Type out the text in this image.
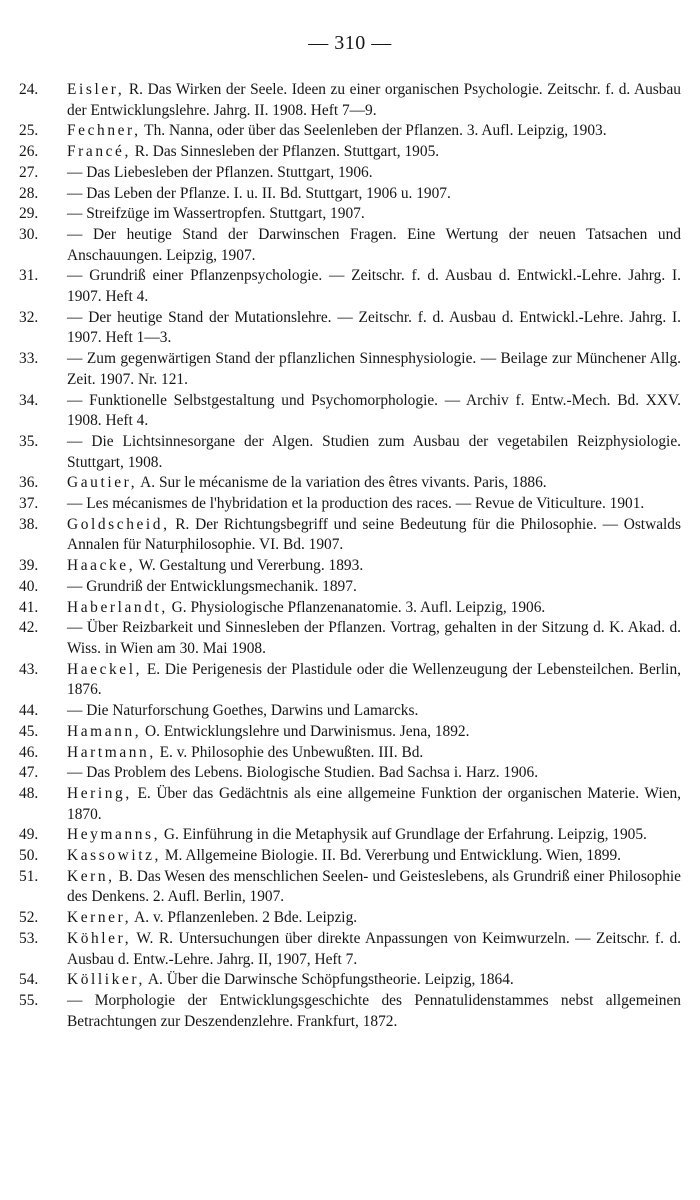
— 310 —
24.	Eisler, R. Das Wirken der Seele. Ideen zu einer organischen Psychologie. Zeitschr. f. d. Ausbau der Entwicklungslehre. Jahrg. II. 1908. Heft 7—9.
25.	Fechner, Th. Nanna, oder über das Seelenleben der Pflanzen. 3. Aufl. Leipzig, 1903.
26.	Francé, R. Das Sinnesleben der Pflanzen. Stuttgart, 1905.
27.	— Das Liebesleben der Pflanzen. Stuttgart, 1906.
28.	— Das Leben der Pflanze. I. u. II. Bd. Stuttgart, 1906 u. 1907.
29.	— Streifzüge im Wassertropfen. Stuttgart, 1907.
30.	— Der heutige Stand der Darwinschen Fragen. Eine Wertung der neuen Tatsachen und Anschauungen. Leipzig, 1907.
31.	— Grundriß einer Pflanzenpsychologie. — Zeitschr. f. d. Ausbau d. Entwickl.-Lehre. Jahrg. I. 1907. Heft 4.
32.	— Der heutige Stand der Mutationslehre. — Zeitschr. f. d. Ausbau d. Entwickl.-Lehre. Jahrg. I. 1907. Heft 1—3.
33.	— Zum gegenwärtigen Stand der pflanzlichen Sinnesphysiologie. — Beilage zur Münchener Allg. Zeit. 1907. Nr. 121.
34.	— Funktionelle Selbstgestaltung und Psychomorphologie. — Archiv f. Entw.-Mech. Bd. XXV. 1908. Heft 4.
35.	— Die Lichtsinnesorgane der Algen. Studien zum Ausbau der vegetabilen Reizphysiologie. Stuttgart, 1908.
36.	Gautier, A. Sur le mécanisme de la variation des êtres vivants. Paris, 1886.
37.	— Les mécanismes de l'hybridation et la production des races. — Revue de Viticulture. 1901.
38.	Goldscheid, R. Der Richtungsbegriff und seine Bedeutung für die Philosophie. — Ostwalds Annalen für Naturphilosophie. VI. Bd. 1907.
39.	Haacke, W. Gestaltung und Vererbung. 1893.
40.	— Grundriß der Entwicklungsmechanik. 1897.
41.	Haberlandt, G. Physiologische Pflanzenanatomie. 3. Aufl. Leipzig, 1906.
42.	— Über Reizbarkeit und Sinnesleben der Pflanzen. Vortrag, gehalten in der Sitzung d. K. Akad. d. Wiss. in Wien am 30. Mai 1908.
43.	Haeckel, E. Die Perigenesis der Plastidule oder die Wellenzeugung der Lebensteilchen. Berlin, 1876.
44.	— Die Naturforschung Goethes, Darwins und Lamarcks.
45.	Hamann, O. Entwicklungslehre und Darwinismus. Jena, 1892.
46.	Hartmann, E. v. Philosophie des Unbewußten. III. Bd.
47.	— Das Problem des Lebens. Biologische Studien. Bad Sachsa i. Harz. 1906.
48.	Hering, E. Über das Gedächtnis als eine allgemeine Funktion der organischen Materie. Wien, 1870.
49.	Heymanns, G. Einführung in die Metaphysik auf Grundlage der Erfahrung. Leipzig, 1905.
50.	Kassowitz, M. Allgemeine Biologie. II. Bd. Vererbung und Entwicklung. Wien, 1899.
51.	Kern, B. Das Wesen des menschlichen Seelen- und Geisteslebens, als Grundriß einer Philosophie des Denkens. 2. Aufl. Berlin, 1907.
52.	Kerner, A. v. Pflanzenleben. 2 Bde. Leipzig.
53.	Köhler, W. R. Untersuchungen über direkte Anpassungen von Keimwurzeln. — Zeitschr. f. d. Ausbau d. Entw.-Lehre. Jahrg. II, 1907, Heft 7.
54.	Kölliker, A. Über die Darwinsche Schöpfungstheorie. Leipzig, 1864.
55.	— Morphologie der Entwicklungsgeschichte des Pennatulidenstammes nebst allgemeinen Betrachtungen zur Deszendenzlehre. Frankfurt, 1872.
